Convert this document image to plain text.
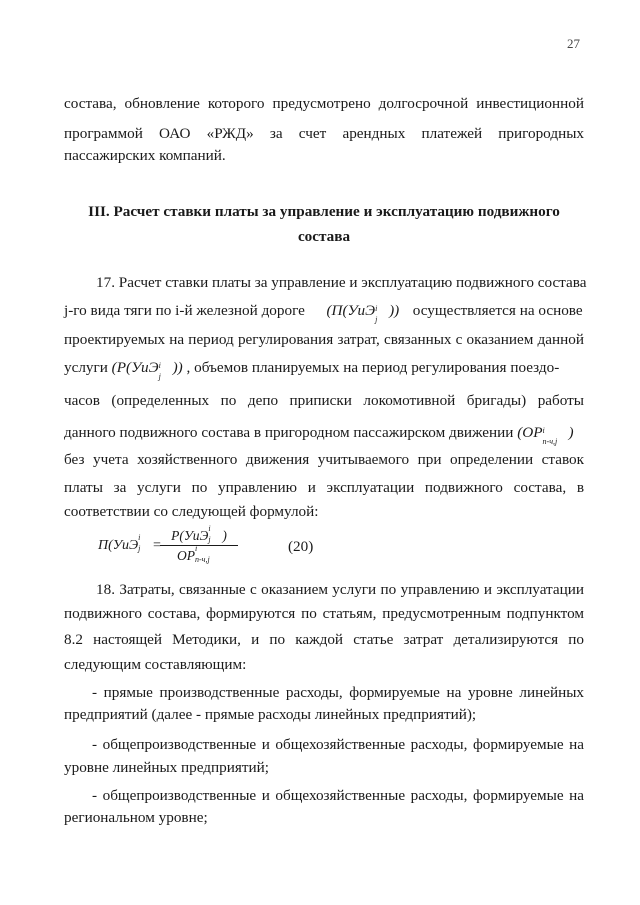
27
состава, обновление которого предусмотрено долгосрочной инвестиционной
программой ОАО «РЖД» за счет арендных платежей пригородных
пассажирских компаний.
III. Расчет ставки платы за управление и эксплуатацию подвижного
состава
17. Расчет ставки платы за управление и эксплуатацию подвижного состава
j-го вида тяги по i-й железной дороге (П(УиЭ i
j
)) осуществляется на основе
проектируемых на период регулирования затрат, связанных с оказанием данной
услуги (Р(УиЭ i
j
)) , объемов планируемых на период регулирования поездо-
часов (определенных по депо приписки локомотивной бригады) работы
данного подвижного состава в пригородном пассажирском движении (ОР i
п-ч,j
)
без учета хозяйственного движения учитываемого при определении ставок
платы за услуги по управлению и эксплуатации подвижного состава, в
соответствии со следующей формулой:
П(УиЭ
i
j =
Р(УиЭ i
j )
ОР i
п-ч,j
(20)
18. Затраты, связанные с оказанием услуги по управлению и эксплуатации
подвижного состава, формируются по статьям, предусмотренным подпунктом
8.2 настоящей Методики, и по каждой статье затрат детализируются по
следующим составляющим:
- прямые производственные расходы, формируемые на уровне линейных
предприятий (далее - прямые расходы линейных предприятий);
- общепроизводственные и общехозяйственные расходы, формируемые на
уровне линейных предприятий;
- общепроизводственные и общехозяйственные расходы, формируемые на
региональном уровне;
